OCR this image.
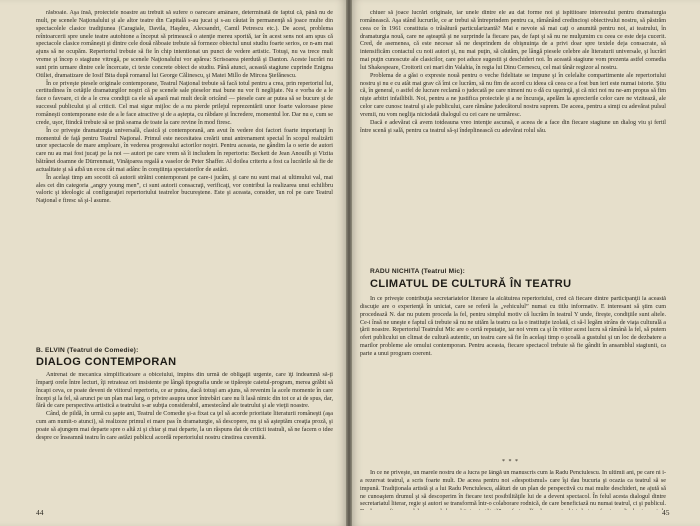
răsboaie. Aşa însă, proiectele noastre au trebuit să sufere o oarecare amânare, determinată de faptul că, până nu de mult, pe scenele Naţionalului şi ale altor teatre din Capitală s-au jucat şi s-au căutat în permanenţă să joace multe din spectacolele clasice tradiţiunea (Caragiale, Davila, Haşdeu, Alecsandri, Camil Petrescu etc.). De acest, problema reîntoarcerii spre unele teatre autohtone a început să primească o atenţie mereu sporită, iar în acest sens noi am spus că spectacole clasice româneşti şi dintre cele două răboaie trebuie să formeze obiectul unui studiu foarte serios, ce n-am mai ajuns să ne ocupăm. Repertoriul trebuie să fie în chip intentionat un punct de vedere artistic. Totuşi, nu va trece mult vreme şi încep o stagiune vitregă, pe scenele Naţionalului vor apărea: Scrisoarea pierdută şi Danton. Aceste lucrări nu sunt prin urmare dintre cele încercate, ci texte concrete obiect de studiu. Până atunci, această stagiune cuprinde Enigma Otiliei, dramatizare de Iosif Bita după romanul lui George Călinescu, şi Matei Millo de Mircea Ştefănescu.

În ce priveşte piesele originale contemporane, Teatrul Naţional trebuie să facă totul pentru a crea, prin repertoriul lui, certitudinea în cetăţile dramaturgilor noştri că pe scenele sale pieselor mai bune nu vor fi neglijate. Nu e vorba de a le face o favoare, ci de a le crea condiţii ca ele să apară mai mult decât oricând — piesele care ar putea să se bucure şi de succesul publicului şi al criticii. Cel mai sigur mijloc de a nu pierde prilejul reprezentării unor foarte valoroase piese româneşti contemporane este de a le face atractive şi de a aştepta, cu răbdare şi încredere, momentul lor. Dar nu e, cum se crede, uşor, fiindcă trebuie să se ţină seama de toate la care revine în mod firesc.

În ce priveşte dramaturgia universală, clasică şi contemporană, am avut în vedere doi factori foarte importanţi în momentul de faţă pentru Teatrul Naţional. Primul este necesitatea creării unui antrenament special în scopul realizării unor spectacole de mare amploare, în vederea progresului actorilor noştri. Pentru aceasta, ne gândim la o serie de autori care nu au mai fost jucaţi pe la noi — autori pe care vrem să îi includem în repertoriu: Beckett de Jean Anouilh şi Vizita bătrânei doamne de Dürrenmatt, Vinăţoarea regală a vaselor de Peter Shaffer. Al doilea criteriu a fost ca lucrările să fie de actualitate şi să aibă un ecou cât mai adânc în conştiinţa spectatorilor de astăzi.

În acelaşi timp am socotit că autorii străini contemporani pe care-i jucăm, şi care nu sunt mai ai ultimului val, mai ales cei din categoria „angry young men”, ci sunt autorii consacraţi, verificaţi, vor contribui la realizarea unui echilibru valoric şi ideologic al configuraţiei repertoriului teatrelor bucureştene. Este şi aceasta, consider, un rol pe care Teatrul Naţional e firesc să şi-l asume.

B. ELVIN (Teatrul de Comedie):
DIALOG CONTEMPORAN

Antrenat de mecanica simplificatoare a obiceiului, împins din urmă de obligaţii urgente, care îţi îndeamnă să-ţi împarţi orele între lecturi, îţi retrateaz ori insistente pe lângă tipografia unde se tipăreşte caietul-program, merea grăbit să încapi ceva, ce poate deveni de viitorul repertoriu, ce ar putea, dacă totuşi am ajuns, să revenim la acele momente în care începi şi la fel, să arunci pe un plan mai larg, o privire asupra unor întrebări care nu îi lasă nimic din tot ce ai de spus, dar, fără de care perspectiva artistică a teatrului s-ar subţia considerabil, amestecând ale teatrului şi ale vieţii noastre.

Când, de pildă, în urmă cu şapte ani, Teatrul de Comedie şi-a fixat ca ţel să acorde prioritate literaturii româneşti (aşa cum am numit-o atunci), să realizeze primul ei mare pas în dramaturgie, să descopere, nu şi să aşteptăm creaţia proză, şi poate să ajungem mai departe spre o altă zi şi chiar şi mai departe, la un răspuns dat de criticii teatrali, să ne facem o idee despre ce înseamnă teatru în care astăzi publicul acordă repertoriului nostru cinstirea cuvenită.

44

chiuer să joace lucrări originale, iar unele dintre ele au dat forme noi şi ispititoare interesului pentru dramaturgia românească. Aşa stând lucrurile, ce ar trebui să întreprindem pentru ca, rămânând credincioşi obiectivului nostru, să păstrăm ceea ce în 1961 constituia o trăsătură particularizantă? Mai e nevoie să mai caţi o anumită pentru noi, ai teatrului, în dramaturgia nouă, care ne aşteaptă şi ne surprinde la fiecare pas, de fapt şi să nu ne mulţumim cu ceea ce este deja cucerit. Cred, de asemenea, că este necesar să ne desprindem de obişnuinţa de a privi doar spre textele deja consacrate, să intensificăm contactul cu noii autori şi, nu mai puţin, să căutăm, pe lângă piesele celebre ale literaturii universale, şi lucrări mai puţin cunoscute ale clasicilor, care pot aduce sugestii şi deschideri noi. În această stagiune vom prezenta astfel comedia lui Shakespeare, Croitorii cei mari din Valahia, în regia lui Dinu Cernescu, cel mai tânăr regizor al nostru.

Problema de a găsi o expresie nouă pentru o veche fidelitate se impune şi în celelalte compartimente ale repertoriului nostru şi nu e cu atât mai grav că îmi ce lucrăm, să nu fim de acord cu ideea că ceea ce a fost bun ieri este numai istorie. Ştiu că, în general, o astfel de lucrare reclamă o judecată pe care nimeni nu o dă cu uşurinţă, şi că nici noi nu ne-am propus să fim nişte arbitri infailibili. Noi, pentru a ne justifica proiectele şi a ne încuraja, apelăm la aprecierile celor care ne vizitează, ale celor care cunosc teatrul şi ale publicului, care rămâne judecătorul nostru suprem. De aceea, pentru a simţi cu adevărat pulsul vremii, nu vom neglija niciodată dialogul cu cei care ne urmăresc.

Dacă e adevărat că avem totdeauna vreo intenţie ascunsă, e aceea de a face din fiecare stagiune un dialog viu şi fertil între scenă şi sală, pentru ca teatrul să-şi îndeplinească cu adevărat rolul său.

RADU NICHITA (Teatrul Mic):
CLIMATUL DE CULTURĂ ÎN TEATRU

În ce priveşte contribuţia secretariatelor literare la alcătuirea repertoriului, cred că fiecare dintre participanţii la această discuţie are o experienţă în uniciat, care se referă la „vehiculul” numai cu titlu informativ. E interesant să ştim cum procedează N. dar nu putem proceda la fel, pentru simplul motiv că lucrăm în teatrul Y unde, fireşte, condiţiile sunt altele. Ce-i însă ne uneşte e faptul că trebuie să nu ne uităm la teatru ca la o instituţie izolată, ci să-l legăm strâns de viaţa culturală a ţării noastre. Repertoriul Teatrului Mic are o certă reputaţie, iar noi vrem ca şi în viitor acest lucru să rămână la fel, să putem oferi publicului un climat de cultură autentic, un teatru care să fie în acelaşi timp o şcoală a gustului şi un loc de dezbatere a marilor probleme ale omului contemporan. Pentru aceasta, fiecare spectacol trebuie să fie gândit în ansamblul stagiunii, ca parte a unui program coerent.

* * *

În ce ne priveşte, un marele nostru de a lucra pe lângă un manuscris cum la Radu Penciulescu. În ultimii ani, pe care ni i-a rezervat teatrul, a scris foarte mult. De aceea pentru noi «despotismul» care îşi dau bucuria şi ocazia ca teatrul să se impună. Tradiţionala artistă şi a lui Radu Penciulescu, alături de un plan de perspectivă cu mai multe deschideri, ne ajută să ne cunoaştem drumul şi să descoperim în fiecare text posibilităţile lui de a deveni spectacol. În felul acesta dialogul dintre secretariatul literar, regie şi autori se transformă într-o colaborare rodnică, de care beneficiază nu numai teatrul, ci şi publicul.

45
